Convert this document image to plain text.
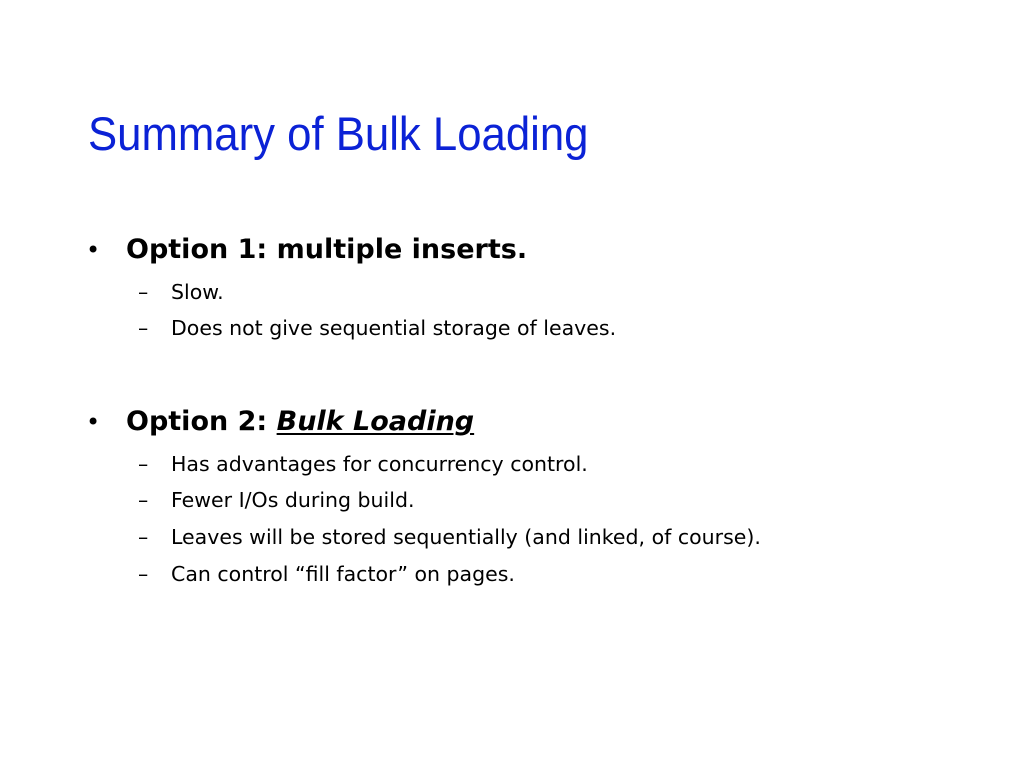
Summary of Bulk Loading
• Option 1: multiple inserts.
– Slow.
– Does not give sequential storage of leaves.
• Option 2: Bulk Loading
– Has advantages for concurrency control.
– Fewer I/Os during build.
– Leaves will be stored sequentially (and linked, of course).
– Can control “fill factor” on pages.
